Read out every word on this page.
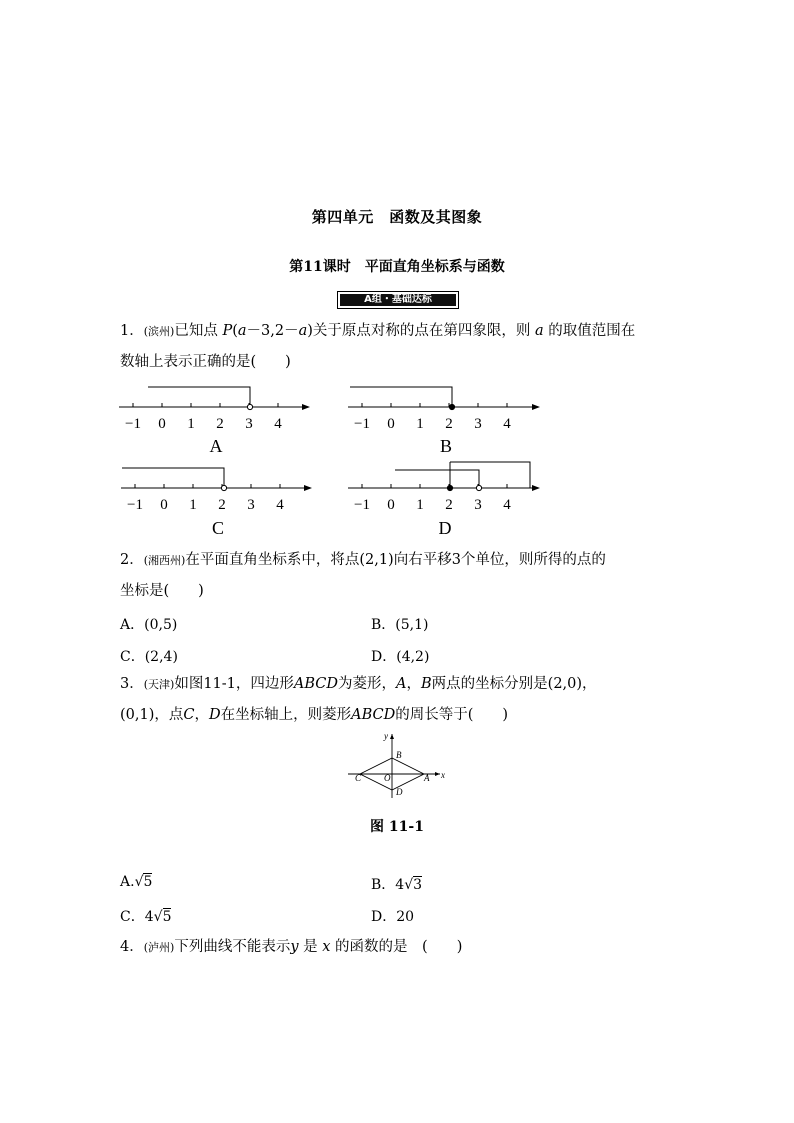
第四单元　函数及其图象
第11课时　平面直角坐标系与函数
A组・基础达标
1．(滨州)已知点 P(a－3,2－a)关于原点对称的点在第四象限，则 a 的取值范围在
数轴上表示正确的是(　　)
−1 0 1 2 3 4
A
−1 0 1 2 3 4
B
−1 0 1 2 3 4
C
−1 0 1 2 3 4
D
2．(湘西州)在平面直角坐标系中，将点(2,1)向右平移3个单位，则所得的点的
坐标是(　　)
A．(0,5)	B．(5,1)
C．(2,4)	D．(4,2)
3．(天津)如图11-1，四边形ABCD为菱形，A，B两点的坐标分别是(2,0)，
(0,1)，点C，D在坐标轴上，则菱形ABCD的周长等于(　　)
y
x
B
A
C
D
O
图 11-1
A.√5	B．4√3
C．4√5	D．20
4．(泸州)下列曲线不能表示y 是 x 的函数的是　(　　)
